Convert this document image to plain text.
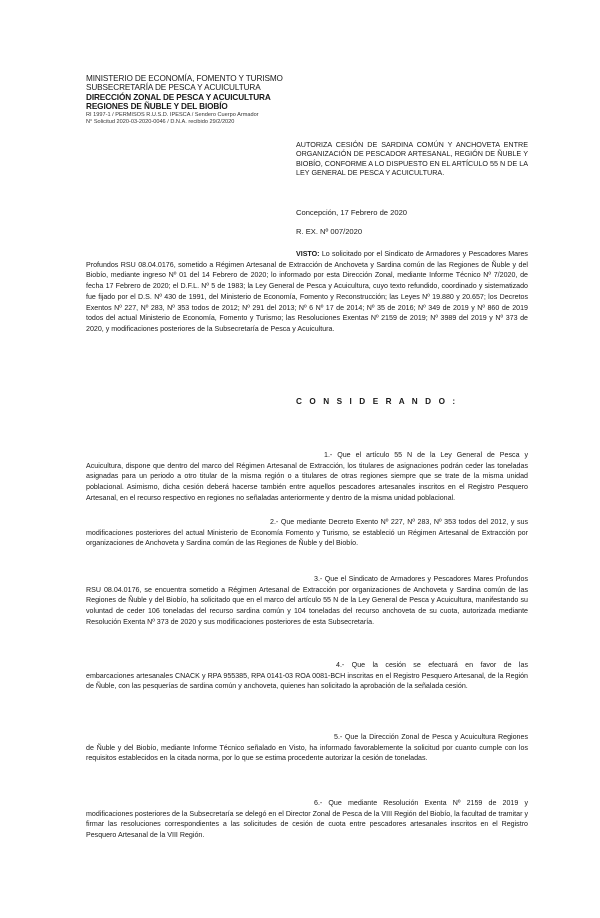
MINISTERIO DE ECONOMÍA, FOMENTO Y TURISMO
SUBSECRETARÍA DE PESCA Y ACUICULTURA
DIRECCIÓN ZONAL DE PESCA Y ACUICULTURA
REGIONES DE ÑUBLE Y DEL BIOBÍO
RI 1997-1 / PERMISOS R.U.S.D. IPESCA / Sendero Cuerpo Armador
N° Solicitud 2020-03-2020-0046 / D.N.A. recibido 29/2/2020
AUTORIZA CESIÓN DE SARDINA COMÚN Y ANCHOVETA ENTRE ORGANIZACIÓN DE PESCADOR ARTESANAL, REGIÓN DE ÑUBLE Y BIOBÍO, CONFORME A LO DISPUESTO EN EL ARTÍCULO 55 N DE LA LEY GENERAL DE PESCA Y ACUICULTURA.
Concepción, 17 Febrero de 2020
R. EX. Nº 007/2020
VISTO: Lo solicitado por el Sindicato de Armadores y Pescadores Mares Profundos RSU 08.04.0176, sometido a Régimen Artesanal de Extracción de Anchoveta y Sardina común de las Regiones de Ñuble y del Biobío, mediante ingreso Nº 01 del 14 Febrero de 2020; lo informado por esta Dirección Zonal, mediante Informe Técnico Nº 7/2020, de fecha 17 Febrero de 2020; el D.F.L. Nº 5 de 1983; la Ley General de Pesca y Acuicultura, cuyo texto refundido, coordinado y sistematizado fue fijado por el D.S. Nº 430 de 1991, del Ministerio de Economía, Fomento y Reconstrucción; las Leyes Nº 19.880 y 20.657; los Decretos Exentos Nº 227, Nº 283, Nº 353 todos de 2012; Nº 291 del 2013; Nº 6 Nº 17 de 2014; Nº 35 de 2016; Nº 349 de 2019 y Nº 860 de 2019 todos del actual Ministerio de Economía, Fomento y Turismo; las Resoluciones Exentas Nº 2159 de 2019; Nº 3989 del 2019 y Nº 373 de 2020, y modificaciones posteriores de la Subsecretaría de Pesca y Acuicultura.
C O N S I D E R A N D O :
1.- Que el artículo 55 N de la Ley General de Pesca y Acuicultura, dispone que dentro del marco del Régimen Artesanal de Extracción, los titulares de asignaciones podrán ceder las toneladas asignadas para un periodo a otro titular de la misma región o a titulares de otras regiones siempre que se trate de la misma unidad poblacional. Asimismo, dicha cesión deberá hacerse también entre aquellos pescadores artesanales inscritos en el Registro Pesquero Artesanal, en el recurso respectivo en regiones no señaladas anteriormente y dentro de la misma unidad poblacional.
2.- Que mediante Decreto Exento Nº 227, Nº 283, Nº 353 todos del 2012, y sus modificaciones posteriores del actual Ministerio de Economía Fomento y Turismo, se estableció un Régimen Artesanal de Extracción por organizaciones de Anchoveta y Sardina común de las Regiones de Ñuble y del Biobío.
3.- Que el Sindicato de Armadores y Pescadores Mares Profundos RSU 08.04.0176, se encuentra sometido a Régimen Artesanal de Extracción por organizaciones de Anchoveta y Sardina común de las Regiones de Ñuble y del Biobío, ha solicitado que en el marco del artículo 55 N de la Ley General de Pesca y Acuicultura, manifestando su voluntad de ceder 106 toneladas del recurso sardina común y 104 toneladas del recurso anchoveta de su cuota, autorizada mediante Resolución Exenta Nº 373 de 2020 y sus modificaciones posteriores de esta Subsecretaría.
4.- Que la cesión se efectuará en favor de las embarcaciones artesanales CNACK y RPA 955385, RPA 0141-03 ROA 0081-BCH inscritas en el Registro Pesquero Artesanal, de la Región de Ñuble, con las pesquerías de sardina común y anchoveta, quienes han solicitado la aprobación de la señalada cesión.
5.- Que la Dirección Zonal de Pesca y Acuicultura Regiones de Ñuble y del Biobío, mediante Informe Técnico señalado en Visto, ha informado favorablemente la solicitud por cuanto cumple con los requisitos establecidos en la citada norma, por lo que se estima procedente autorizar la cesión de toneladas.
6.- Que mediante Resolución Exenta Nº 2159 de 2019 y modificaciones posteriores de la Subsecretaría se delegó en el Director Zonal de Pesca de la VIII Región del Biobío, la facultad de tramitar y firmar las resoluciones correspondientes a las solicitudes de cesión de cuota entre pescadores artesanales inscritos en el Registro Pesquero Artesanal de la VIII Región.
